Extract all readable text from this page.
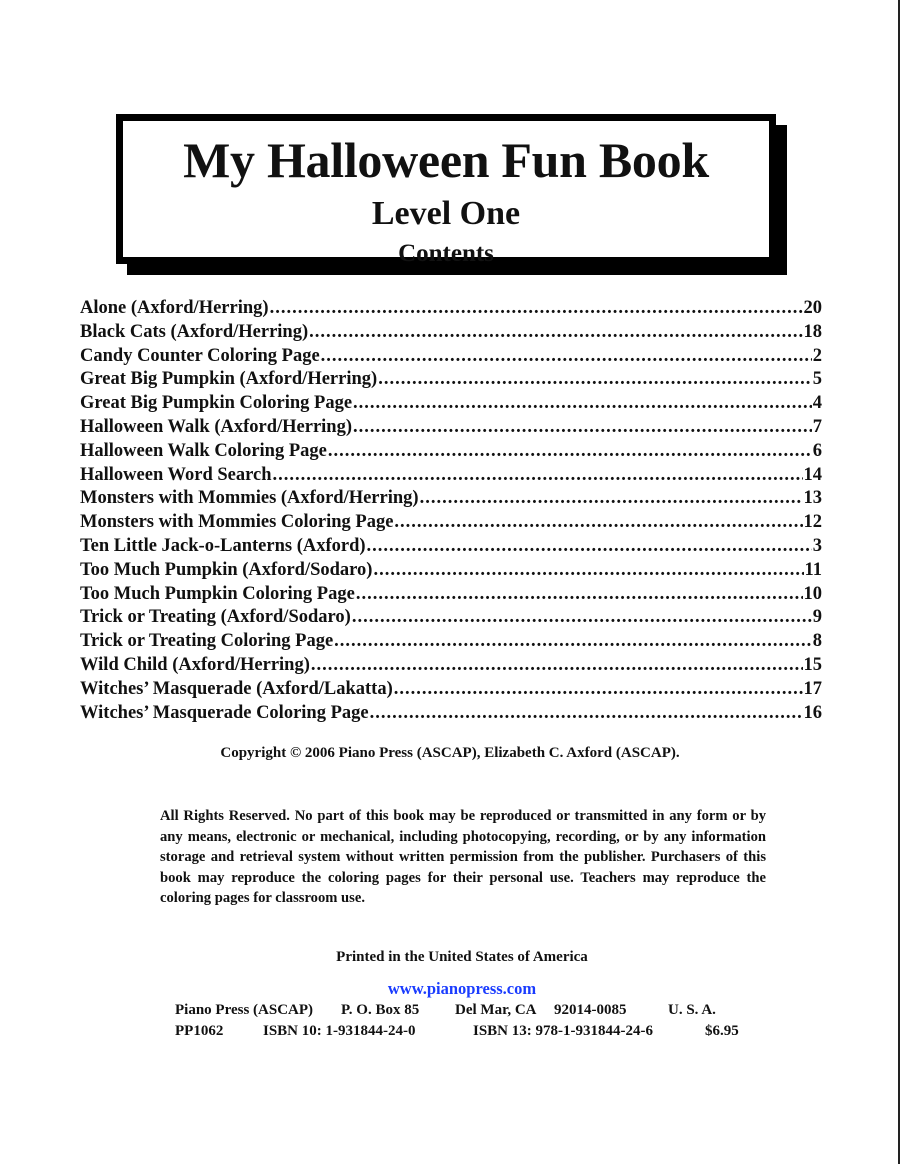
My Halloween Fun Book
Level One
Contents
Alone (Axford/Herring) .....	20
Black Cats (Axford/Herring) .....	18
Candy Counter Coloring Page .....	2
Great Big Pumpkin (Axford/Herring) .....	5
Great Big Pumpkin Coloring Page .....	4
Halloween Walk (Axford/Herring) .....	7
Halloween Walk Coloring Page .....	6
Halloween Word Search .....	14
Monsters with Mommies (Axford/Herring) .....	13
Monsters with Mommies Coloring Page .....	12
Ten Little Jack-o-Lanterns (Axford) .....	3
Too Much Pumpkin (Axford/Sodaro) .....	11
Too Much Pumpkin Coloring Page .....	10
Trick or Treating (Axford/Sodaro) .....	9
Trick or Treating Coloring Page .....	8
Wild Child (Axford/Herring) .....	15
Witches’ Masquerade (Axford/Lakatta) .....	17
Witches’ Masquerade Coloring Page .....	16
Copyright © 2006 Piano Press (ASCAP), Elizabeth C. Axford (ASCAP).
All Rights Reserved. No part of this book may be reproduced or transmitted in any form or by any means, electronic or mechanical, including photocopying, recording, or by any information storage and retrieval system without written permission from the publisher. Purchasers of this book may reproduce the coloring pages for their personal use. Teachers may reproduce the coloring pages for classroom use.
Printed in the United States of America
www.pianopress.com
Piano Press (ASCAP) P. O. Box 85 Del Mar, CA 92014-0085	U. S. A.
PP1062	ISBN 10: 1-931844-24-0	ISBN 13: 978-1-931844-24-6	$6.95
